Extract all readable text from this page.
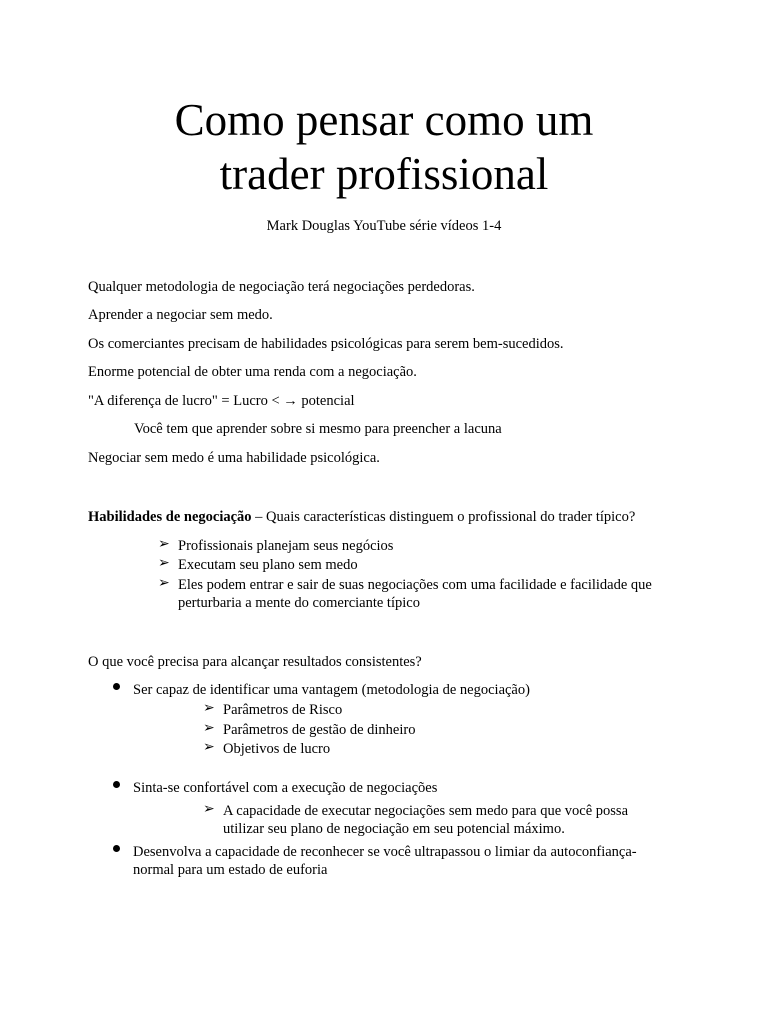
Como pensar como um
trader profissional
Mark Douglas YouTube série vídeos 1-4
Qualquer metodologia de negociação terá negociações perdedoras.
Aprender a negociar sem medo.
Os comerciantes precisam de habilidades psicológicas para serem bem-sucedidos.
Enorme potencial de obter uma renda com a negociação.
"A diferença de lucro" = Lucro < → potencial
Você tem que aprender sobre si mesmo para preencher a lacuna
Negociar sem medo é uma habilidade psicológica.
Habilidades de negociação – Quais características distinguem o profissional do trader típico?
➢ Profissionais planejam seus negócios
➢ Executam seu plano sem medo
➢ Eles podem entrar e sair de suas negociações com uma facilidade e facilidade que perturbaria a mente do comerciante típico
O que você precisa para alcançar resultados consistentes?
Ser capaz de identificar uma vantagem (metodologia de negociação)
➢ Parâmetros de Risco
➢ Parâmetros de gestão de dinheiro
➢ Objetivos de lucro
Sinta-se confortável com a execução de negociações
➢ A capacidade de executar negociações sem medo para que você possa utilizar seu plano de negociação em seu potencial máximo.
Desenvolva a capacidade de reconhecer se você ultrapassou o limiar da autoconfiança-normal para um estado de euforia
